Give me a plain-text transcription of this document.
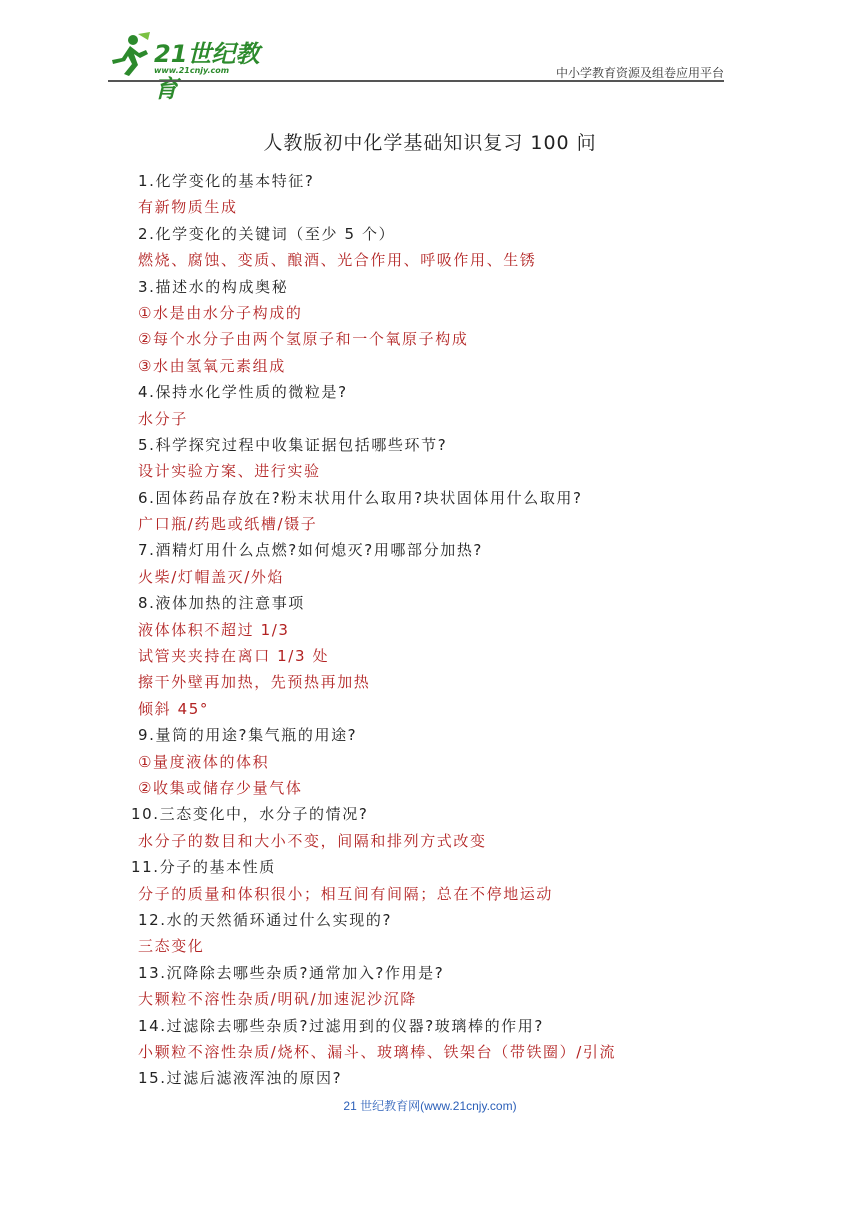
21世纪教育
www.21cnjy.com	中小学教育资源及组卷应用平台
人教版初中化学基础知识复习 100 问
1.化学变化的基本特征?
有新物质生成
2.化学变化的关键词（至少 5 个）
燃烧、腐蚀、变质、酿酒、光合作用、呼吸作用、生锈
3.描述水的构成奥秘
①水是由水分子构成的
②每个水分子由两个氢原子和一个氧原子构成
③水由氢氧元素组成
4.保持水化学性质的微粒是?
水分子
5.科学探究过程中收集证据包括哪些环节?
设计实验方案、进行实验
6.固体药品存放在?粉末状用什么取用?块状固体用什么取用?
广口瓶/药匙或纸槽/镊子
7.酒精灯用什么点燃?如何熄灭?用哪部分加热?
火柴/灯帽盖灭/外焰
8.液体加热的注意事项
液体体积不超过 1/3
试管夹夹持在离口 1/3 处
擦干外壁再加热，先预热再加热
倾斜 45°
9.量筒的用途?集气瓶的用途?
①量度液体的体积
②收集或储存少量气体
10.三态变化中，水分子的情况?
水分子的数目和大小不变，间隔和排列方式改变
11.分子的基本性质
分子的质量和体积很小；相互间有间隔；总在不停地运动
12.水的天然循环通过什么实现的?
三态变化
13.沉降除去哪些杂质?通常加入?作用是?
大颗粒不溶性杂质/明矾/加速泥沙沉降
14.过滤除去哪些杂质?过滤用到的仪器?玻璃棒的作用?
小颗粒不溶性杂质/烧杯、漏斗、玻璃棒、铁架台（带铁圈）/引流
15.过滤后滤液浑浊的原因?
21 世纪教育网(www.21cnjy.com)
